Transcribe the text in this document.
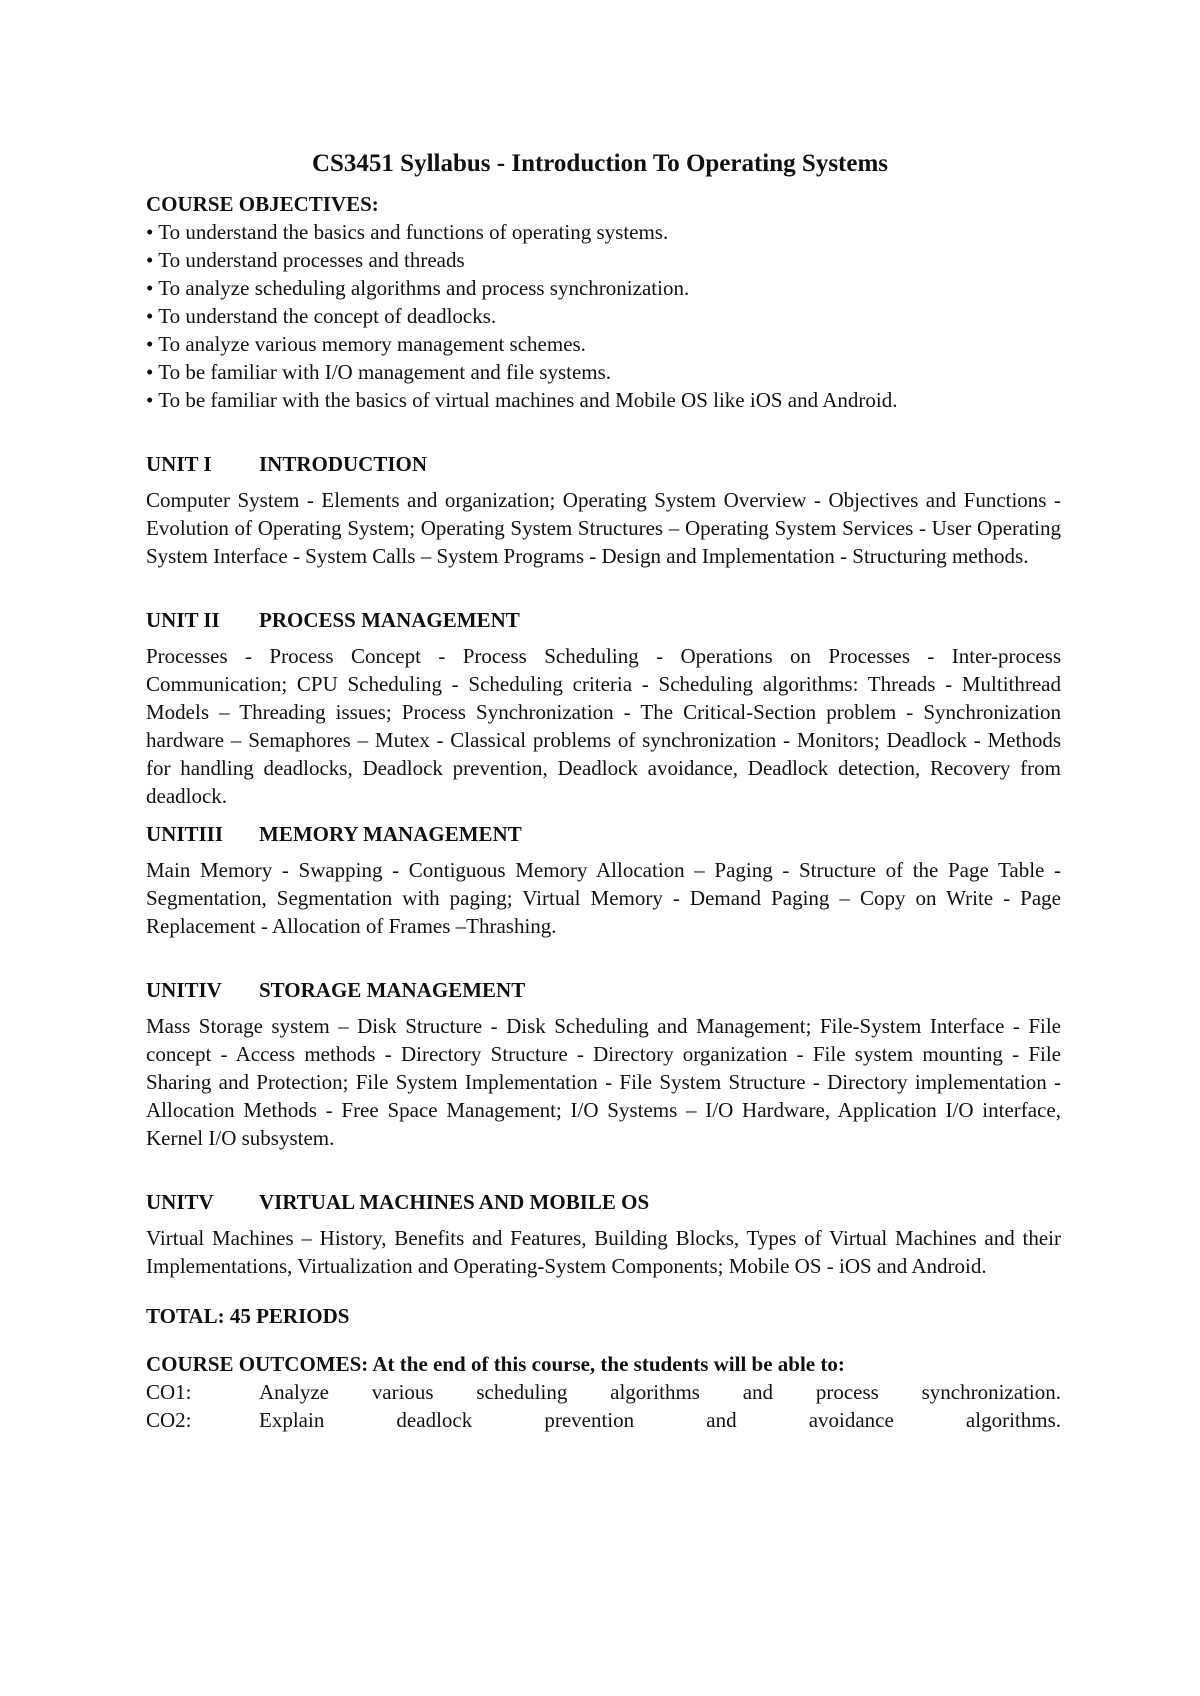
CS3451 Syllabus - Introduction To Operating Systems
COURSE OBJECTIVES:
• To understand the basics and functions of operating systems.
• To understand processes and threads
• To analyze scheduling algorithms and process synchronization.
• To understand the concept of deadlocks.
• To analyze various memory management schemes.
• To be familiar with I/O management and file systems.
• To be familiar with the basics of virtual machines and Mobile OS like iOS and Android.
UNIT I	INTRODUCTION

Computer System - Elements and organization; Operating System Overview - Objectives and Functions - Evolution of Operating System; Operating System Structures – Operating System Services - User Operating System Interface - System Calls – System Programs - Design and Implementation - Structuring methods.

UNIT II	PROCESS MANAGEMENT

Processes - Process Concept - Process Scheduling - Operations on Processes - Inter-process Communication; CPU Scheduling - Scheduling criteria - Scheduling algorithms: Threads - Multithread Models – Threading issues; Process Synchronization - The Critical-Section problem - Synchronization hardware – Semaphores – Mutex - Classical problems of synchronization - Monitors; Deadlock - Methods for handling deadlocks, Deadlock prevention, Deadlock avoidance, Deadlock detection, Recovery from deadlock.

UNITIII	MEMORY MANAGEMENT

Main Memory - Swapping - Contiguous Memory Allocation – Paging - Structure of the Page Table - Segmentation, Segmentation with paging; Virtual Memory - Demand Paging – Copy on Write - Page Replacement - Allocation of Frames –Thrashing.

UNITIV	STORAGE MANAGEMENT

Mass Storage system – Disk Structure - Disk Scheduling and Management; File-System Interface - File concept - Access methods - Directory Structure - Directory organization - File system mounting - File Sharing and Protection; File System Implementation - File System Structure - Directory implementation - Allocation Methods - Free Space Management; I/O Systems – I/O Hardware, Application I/O interface, Kernel I/O subsystem.

UNITV	VIRTUAL MACHINES AND MOBILE OS

Virtual Machines – History, Benefits and Features, Building Blocks, Types of Virtual Machines and their Implementations, Virtualization and Operating-System Components; Mobile OS - iOS and Android.

TOTAL: 45 PERIODS
COURSE OUTCOMES: At the end of this course, the students will be able to:
CO1:	Analyze various scheduling algorithms and process synchronization.
CO2:	Explain deadlock prevention and avoidance algorithms.
